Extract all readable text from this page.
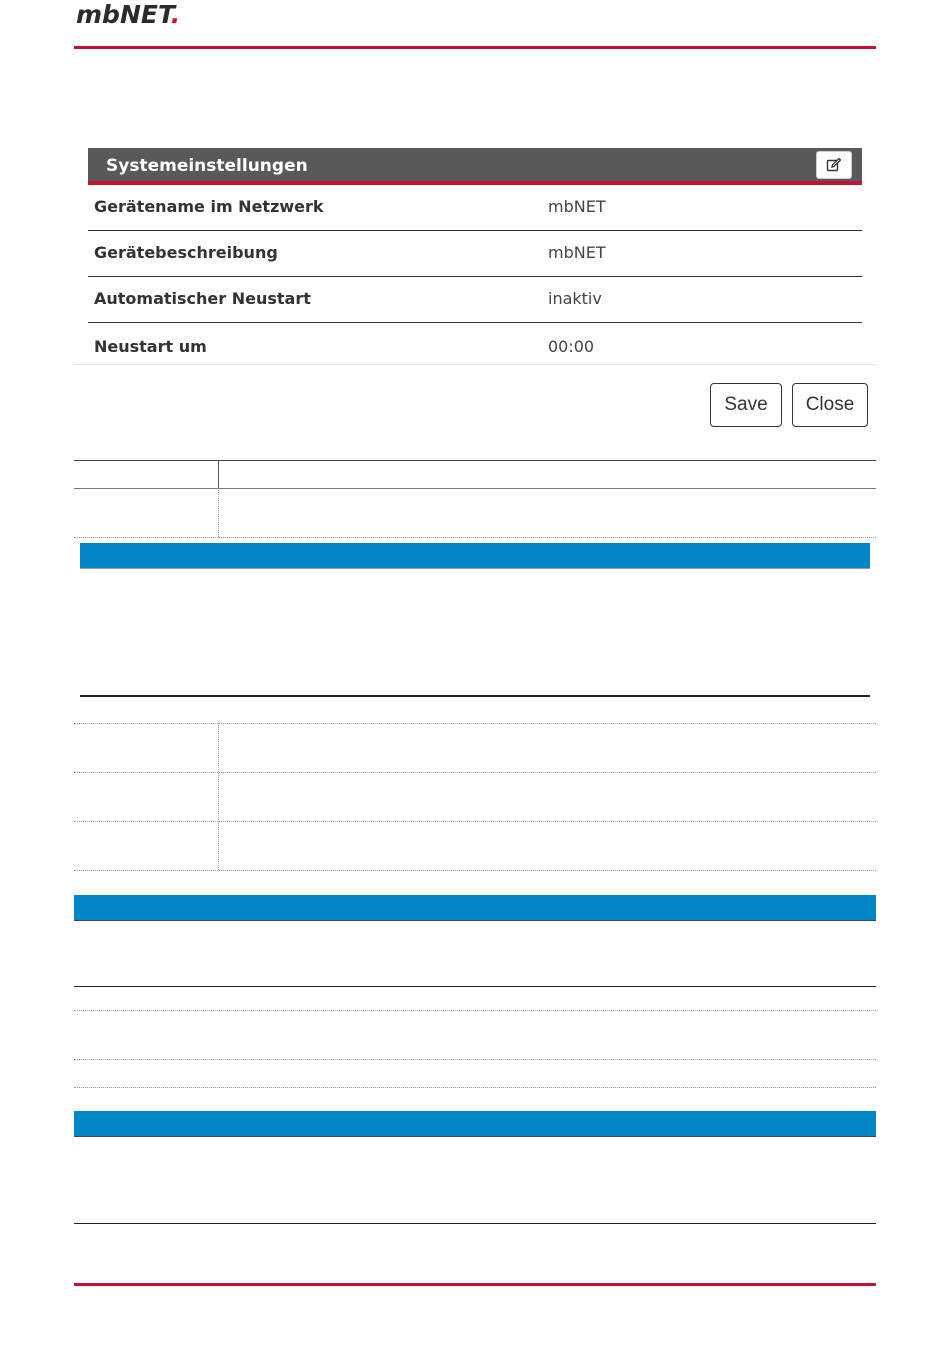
mbNET.
Systemeinstellungen
Gerätename im Netzwerk	mbNET
Gerätebeschreibung	mbNET
Automatischer Neustart	inaktiv
Neustart um	00:00
Save	Close
